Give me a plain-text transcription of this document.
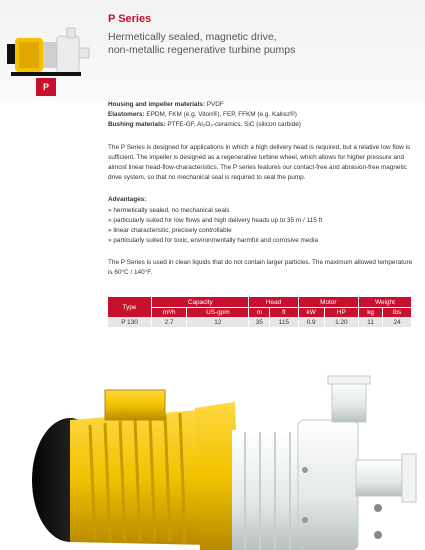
P
P Series
Hermetically sealed, magnetic drive,
non-metallic regenerative turbine pumps
Housing and impeller materials: PVDF
Elastomers: EPDM, FKM (e.g. Viton®), FEP, FFKM (e.g. Kalrez®)
Bushing materials: PTFE-GF, Al₂O₃-ceramics, SiC (silicon carbide)
The P Series is designed for applications in which a high delivery head is required, but a relative low flow is sufficient. The impeller is designed as a regenerative turbine wheel, which allows for higher pressure and almost linear head-flow-characteristics. The P series features our contact-free and abrasion-free magnetic drive system, so that no mechanical seal is required to seal the pump.
Advantages:
» hermetically sealed, no mechanical seals
» particularly suited for low flows and high delivery heads up to 35 m / 115 ft
» linear characteristic, precisely controllable
» particularly suited for toxic, environmentally harmful and corrosive media
The P Series is used in clean liquids that do not contain larger particles. The maximum allowed temperature is 60°C / 140°F.
Type	Capacity		Head		Motor		Weight	
	m³/h	US-gpm	m	ft	kW	HP	kg	lbs
P 130	2.7	12	35	115	0.9	1.20	11	24
